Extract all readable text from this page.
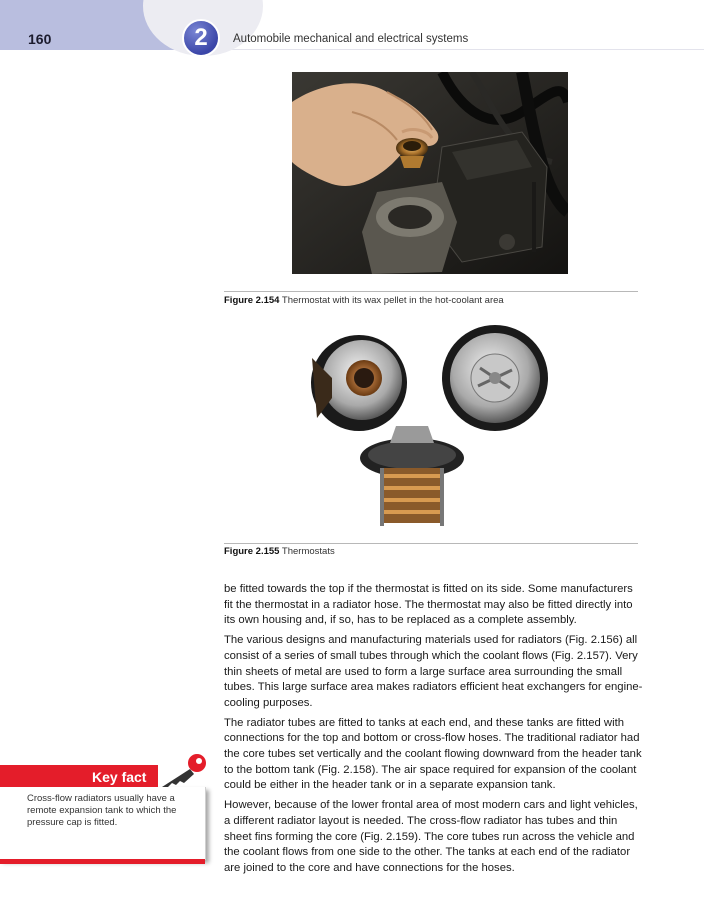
160	2	Automobile mechanical and electrical systems
Figure 2.154 Thermostat with its wax pellet in the hot-coolant area
Figure 2.155 Thermostats

be fitted towards the top if the thermostat is fitted on its side. Some manufacturers fit the thermostat in a radiator hose. The thermostat may also be fitted directly into its own housing and, if so, has to be replaced as a complete assembly.

The various designs and manufacturing materials used for radiators (Fig. 2.156) all consist of a series of small tubes through which the coolant flows (Fig. 2.157). Very thin sheets of metal are used to form a large surface area surrounding the small tubes. This large surface area makes radiators efficient heat exchangers for engine-cooling purposes.

The radiator tubes are fitted to tanks at each end, and these tanks are fitted with connections for the top and bottom or cross-flow hoses. The traditional radiator had the core tubes set vertically and the coolant flowing downward from the header tank to the bottom tank (Fig. 2.158). The air space required for expansion of the coolant could be either in the header tank or in a separate expansion tank.

However, because of the lower frontal area of most modern cars and light vehicles, a different radiator layout is needed. The cross-flow radiator has tubes and thin sheet fins forming the core (Fig. 2.159). The core tubes run across the vehicle and the coolant flows from one side to the other. The tanks at each end of the radiator are joined to the core and have connections for the hoses.

Key fact
Cross-flow radiators usually have a remote expansion tank to which the pressure cap is fitted.
